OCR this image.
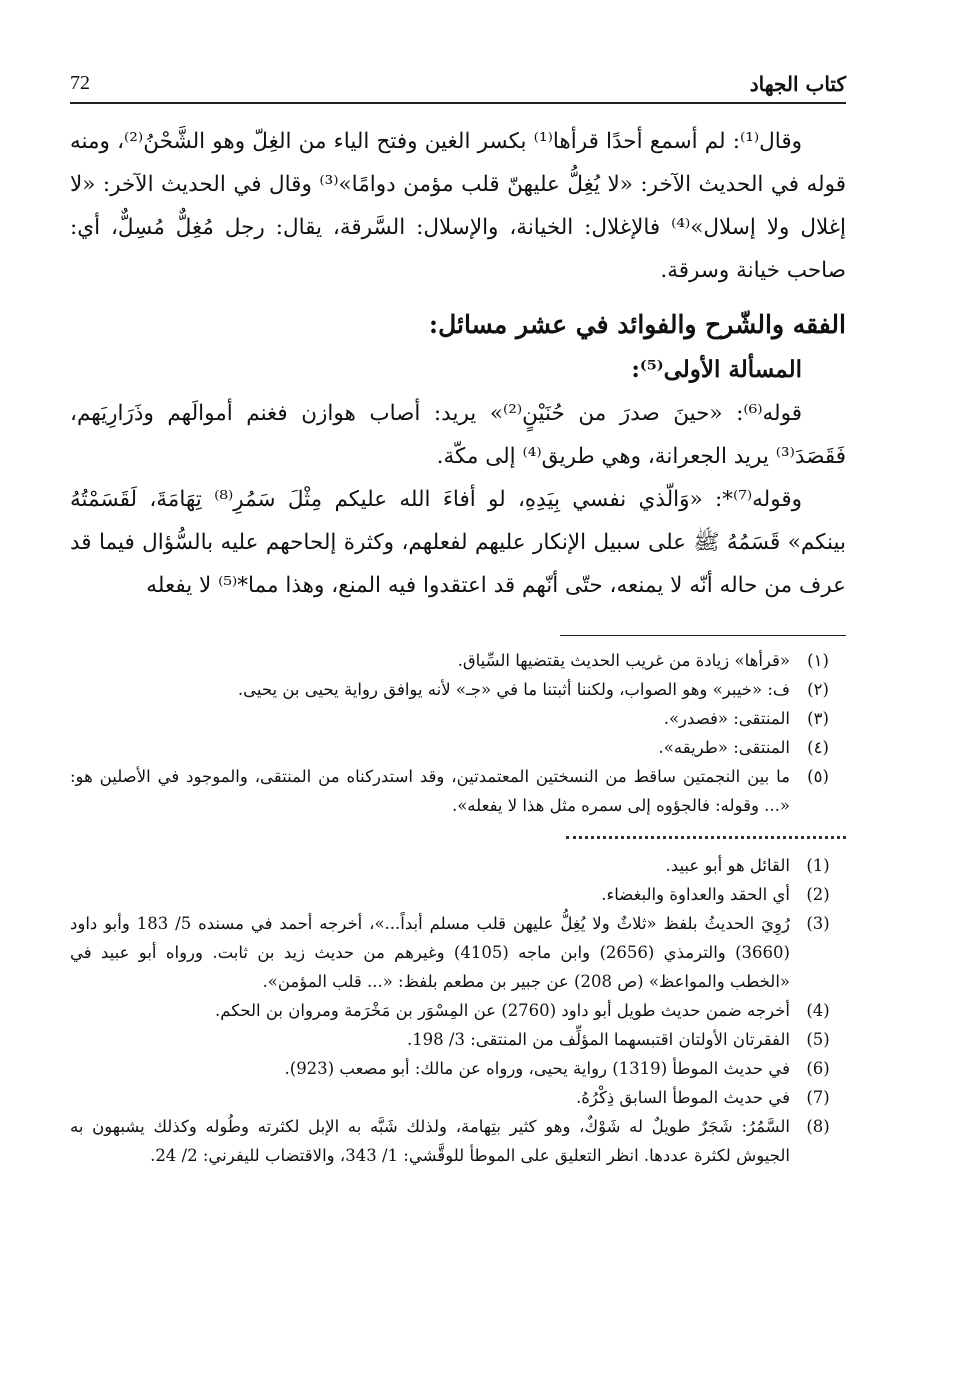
كتاب الجهاد
72

وقال⁽¹⁾: لم أسمع أحدًا قرأها⁽¹⁾ بكسر الغين وفتح الياء من الغِلّ وهو الشَّحْنُ⁽²⁾، ومنه قوله في الحديث الآخر: «لا يُغِلُّ عليهنّ قلب مؤمن دوامًا»⁽³⁾ وقال في الحديث الآخر: «لا إغلال ولا إسلال»⁽⁴⁾ فالإغلال: الخيانة، والإسلال: السَّرقة، يقال: رجل مُغِلٌّ مُسِلٌّ، أي: صاحب خيانة وسرقة.

الفقه والشّرح والفوائد في عشر مسائل:
المسألة الأولى⁽⁵⁾:

قوله⁽⁶⁾: «حينَ صدرَ من حُنَيْنٍ⁽²⁾» يريد: أصاب هوازن فغنم أموالَهم وذَرَارِيَهم، فَقَصَدَ⁽³⁾ يريد الجعرانة، وهي طريق⁽⁴⁾ إلى مكّة.

وقوله⁽⁷⁾*: «وَالّذي نفسي بِيَدِهِ، لو أفاءَ الله عليكم مِثْلَ سَمُرِ⁽⁸⁾ تِهَامَةَ، لَقَسَمْتُهُ بينكم» قَسَمُهُ ﷺ على سبيل الإنكار عليهم لفعلهم، وكثرة إلحاحهم عليه بالسُّؤال فيما قد عرف من حاله أنّه لا يمنعه، حتّى أنّهم قد اعتقدوا فيه المنع، وهذا مما*⁽⁵⁾ لا يفعله

(١)
«قرأها» زيادة من غريب الحديث يقتضيها السِّياق.
(٢)
ف: «خيبر» وهو الصواب، ولكننا أثبتنا ما في «جـ» لأنه يوافق رواية يحيى بن يحيى.
(٣)
المنتقى: «فصدر».
(٤)
المنتقى: «طريقه».
(٥)
ما بين النجمتين ساقط من النسختين المعتمدتين، وقد استدركناه من المنتقى، والموجود في الأصلين هو: «... وقوله: فالجؤوه إلى سمره مثل هذا لا يفعله».
(1)
القائل هو أبو عبيد.
(2)
أي الحقد والعداوة والبغضاء.
(3)
رُوِيَ الحديثُ بلفظ «ثلاثٌ ولا يُغِلُّ عليهن قلب مسلم أبداً...»، أخرجه أحمد في مسنده 5/ 183 وأبو داود (3660) والترمذي (2656) وابن ماجه (4105) وغيرهم من حديث زيد بن ثابت. ورواه أبو عبيد في «الخطب والمواعظ» (ص 208) عن جبير بن مطعم بلفظ: «... قلب المؤمن».
(4)
أخرجه ضمن حديث طويل أبو داود (2760) عن المِسْوَر بن مَخْرَمة ومروان بن الحكم.
(5)
الفقرتان الأولتان اقتبسهما المؤلِّف من المنتقى: 3/ 198.
(6)
في حديث الموطأ (1319) رواية يحيى، ورواه عن مالك: أبو مصعب (923).
(7)
في حديث الموطأ السابق ذِكْرُهُ.
(8)
السَّمُرُ: شَجَرٌ طويلٌ له شَوْكٌ، وهو كثير بتِهامة، ولذلك شَبَّه به الإبل لكثرته وطُوله وكذلك يشبهون به الجيوش لكثرة عددها. انظر التعليق على الموطأ للوقَّشي: 1/ 343، والاقتضاب لليفرني: 2/ 24.
